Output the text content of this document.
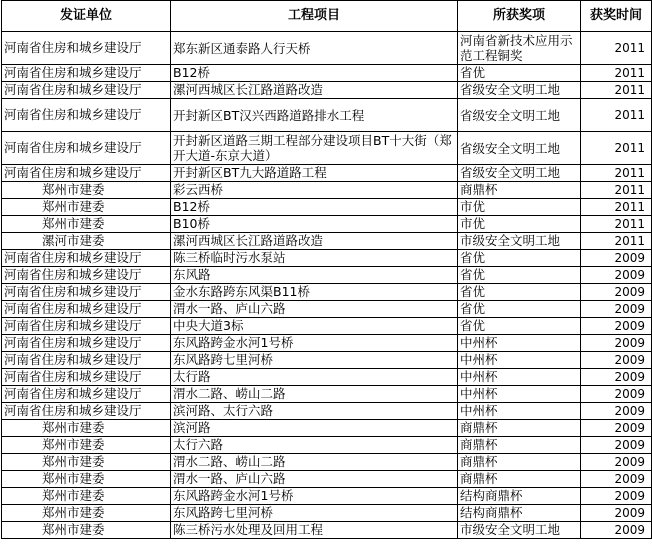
发证单位	工程项目	所获奖项	获奖时间
河南省住房和城乡建设厅	郑东新区通泰路人行天桥	河南省新技术应用示范工程铜奖	2011
河南省住房和城乡建设厅	B12桥	省优	2011
河南省住房和城乡建设厅	漯河西城区长江路道路改造	省级安全文明工地	2011
河南省住房和城乡建设厅	开封新区BT汉兴西路道路排水工程	省级安全文明工地	2011
河南省住房和城乡建设厅	开封新区道路三期工程部分建设项目BT十大街（郑开大道-东京大道）	省级安全文明工地	2011
河南省住房和城乡建设厅	开封新区BT九大路道路工程	省级安全文明工地	2011
郑州市建委	彩云西桥	商鼎杯	2011
郑州市建委	B12桥	市优	2011
郑州市建委	B10桥	市优	2011
漯河市建委	漯河西城区长江路道路改造	市级安全文明工地	2011
河南省住房和城乡建设厅	陈三桥临时污水泵站	省优	2009
河南省住房和城乡建设厅	东风路	省优	2009
河南省住房和城乡建设厅	金水东路跨东风渠B11桥	省优	2009
河南省住房和城乡建设厅	渭水一路、庐山六路	省优	2009
河南省住房和城乡建设厅	中央大道3标	省优	2009
河南省住房和城乡建设厅	东风路跨金水河1号桥	中州杯	2009
河南省住房和城乡建设厅	东风路跨七里河桥	中州杯	2009
河南省住房和城乡建设厅	太行路	中州杯	2009
河南省住房和城乡建设厅	渭水二路、崂山二路	中州杯	2009
河南省住房和城乡建设厅	滨河路、太行六路	中州杯	2009
郑州市建委	滨河路	商鼎杯	2009
郑州市建委	太行六路	商鼎杯	2009
郑州市建委	渭水二路、崂山二路	商鼎杯	2009
郑州市建委	渭水一路、庐山六路	商鼎杯	2009
郑州市建委	东风路跨金水河1号桥	结构商鼎杯	2009
郑州市建委	东风路跨七里河桥	结构商鼎杯	2009
郑州市建委	陈三桥污水处理及回用工程	市级安全文明工地	2009
